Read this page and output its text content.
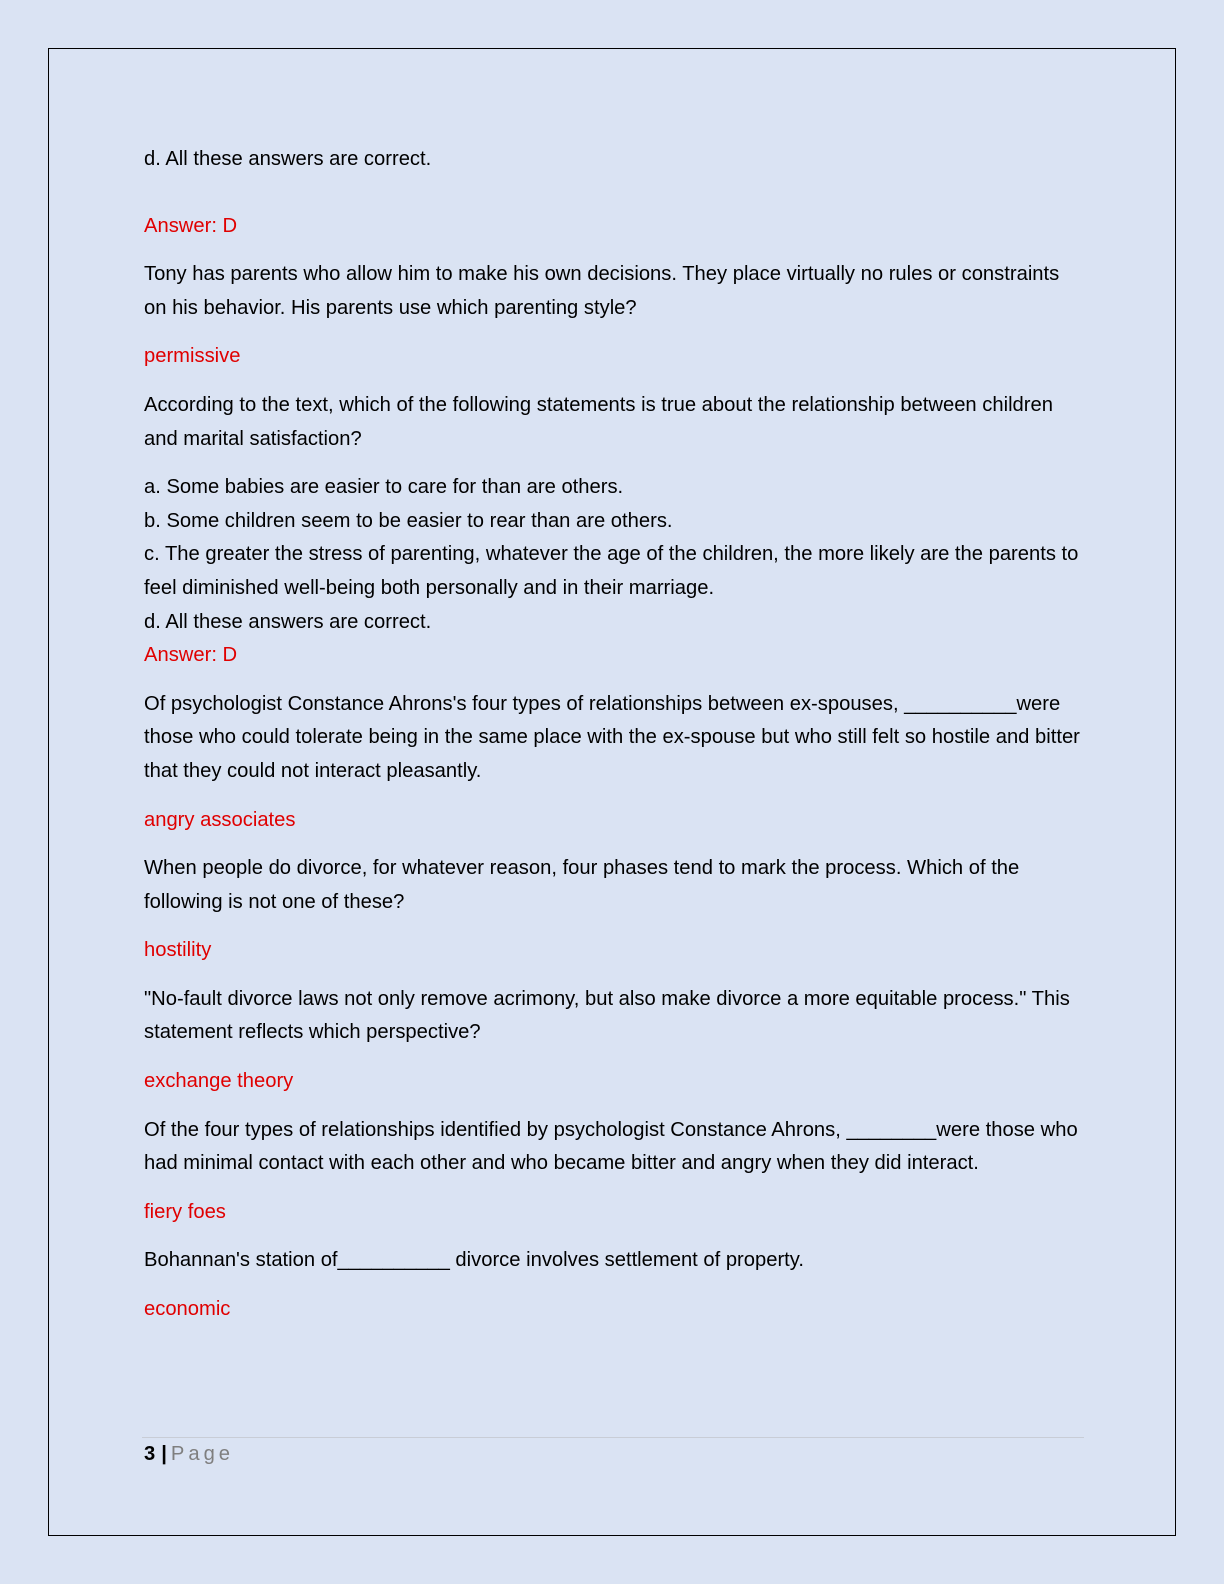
d. All these answers are correct.

Answer: D

Tony has parents who allow him to make his own decisions. They place virtually no rules or constraints on his behavior. His parents use which parenting style?

permissive

According to the text, which of the following statements is true about the relationship between children and marital satisfaction?

a. Some babies are easier to care for than are others.

b. Some children seem to be easier to rear than are others.

c. The greater the stress of parenting, whatever the age of the children, the more likely are the parents to feel diminished well-being both personally and in their marriage.

d. All these answers are correct.

Answer: D

Of psychologist Constance Ahrons's four types of relationships between ex-spouses, __________were those who could tolerate being in the same place with the ex-spouse but who still felt so hostile and bitter that they could not interact pleasantly.

angry associates

When people do divorce, for whatever reason, four phases tend to mark the process. Which of the following is not one of these?

hostility

"No-fault divorce laws not only remove acrimony, but also make divorce a more equitable process." This statement reflects which perspective?

exchange theory

Of the four types of relationships identified by psychologist Constance Ahrons, ________were those who had minimal contact with each other and who became bitter and angry when they did interact.

fiery foes

Bohannan's station of__________ divorce involves settlement of property.

economic

3 | Page
